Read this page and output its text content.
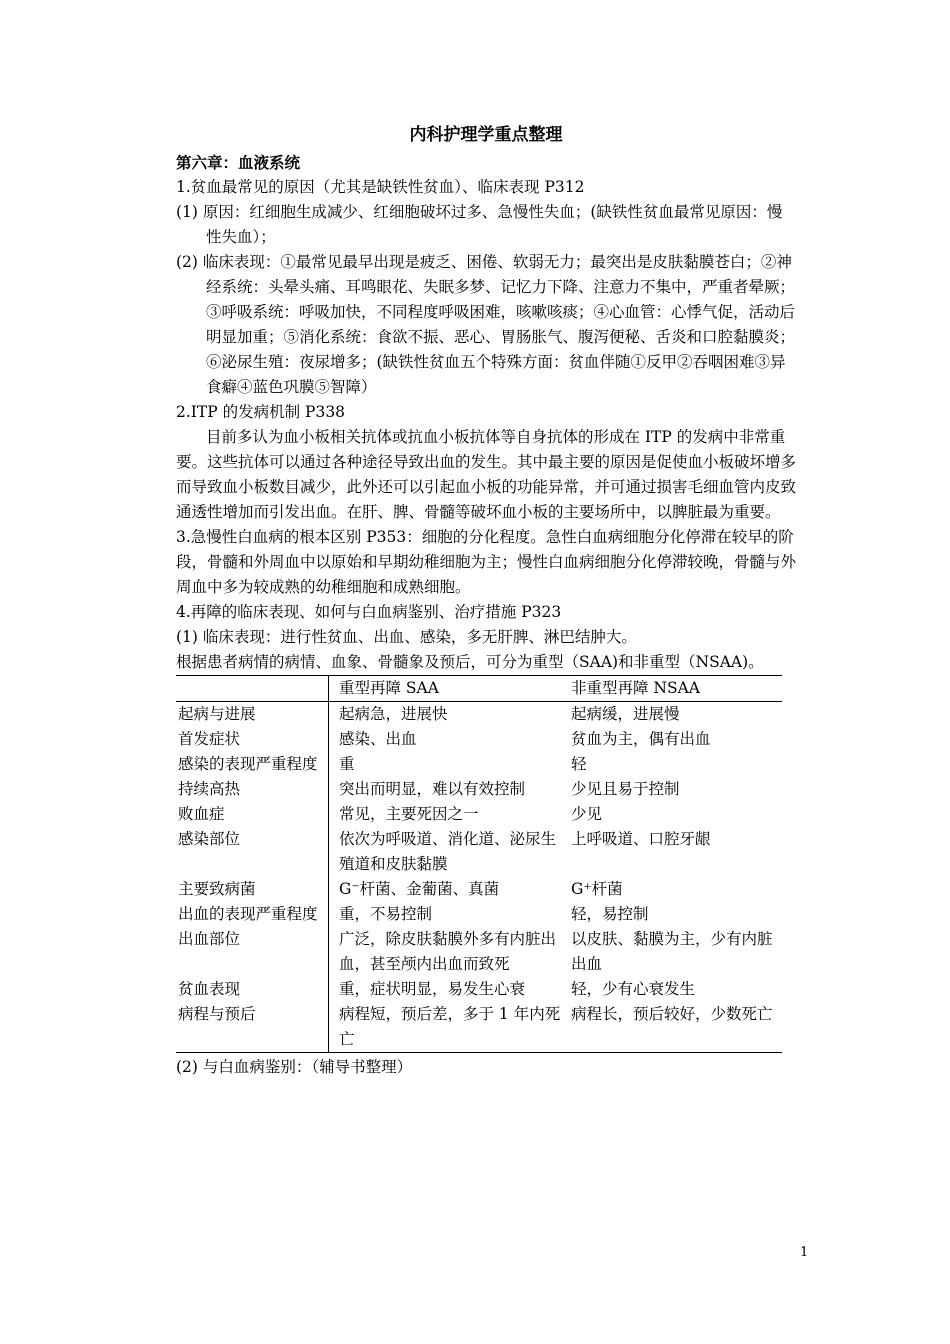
内科护理学重点整理

第六章：血液系统

1.贫血最常见的原因（尤其是缺铁性贫血）、临床表现 P312

(1) 原因：红细胞生成减少、红细胞破坏过多、急慢性失血；(缺铁性贫血最常见原因：慢性失血）；

(2) 临床表现：①最常见最早出现是疲乏、困倦、软弱无力；最突出是皮肤黏膜苍白；②神经系统：头晕头痛、耳鸣眼花、失眠多梦、记忆力下降、注意力不集中，严重者晕厥；③呼吸系统：呼吸加快，不同程度呼吸困难，咳嗽咳痰；④心血管：心悸气促，活动后明显加重；⑤消化系统：食欲不振、恶心、胃肠胀气、腹泻便秘、舌炎和口腔黏膜炎；⑥泌尿生殖：夜尿增多；(缺铁性贫血五个特殊方面：贫血伴随①反甲②吞咽困难③异食癖④蓝色巩膜⑤智障）

2.ITP 的发病机制 P338

目前多认为血小板相关抗体或抗血小板抗体等自身抗体的形成在 ITP 的发病中非常重要。这些抗体可以通过各种途径导致出血的发生。其中最主要的原因是促使血小板破坏增多而导致血小板数目减少，此外还可以引起血小板的功能异常，并可通过损害毛细血管内皮致通透性增加而引发出血。在肝、脾、骨髓等破坏血小板的主要场所中，以脾脏最为重要。

3.急慢性白血病的根本区别 P353：细胞的分化程度。急性白血病细胞分化停滞在较早的阶段，骨髓和外周血中以原始和早期幼稚细胞为主；慢性白血病细胞分化停滞较晚，骨髓与外周血中多为较成熟的幼稚细胞和成熟细胞。

4.再障的临床表现、如何与白血病鉴别、治疗措施 P323

(1) 临床表现：进行性贫血、出血、感染，多无肝脾、淋巴结肿大。

根据患者病情的病情、血象、骨髓象及预后，可分为重型（SAA)和非重型（NSAA)。

	重型再障 SAA	非重型再障 NSAA
起病与进展	起病急，进展快	起病缓，进展慢
首发症状	感染、出血	贫血为主，偶有出血
感染的表现严重程度	重	轻
持续高热	突出而明显，难以有效控制	少见且易于控制
败血症	常见，主要死因之一	少见
感染部位	依次为呼吸道、消化道、泌尿生殖道和皮肤黏膜	上呼吸道、口腔牙龈
主要致病菌	G⁻杆菌、金葡菌、真菌	G⁺杆菌
出血的表现严重程度	重，不易控制	轻，易控制
出血部位	广泛，除皮肤黏膜外多有内脏出血，甚至颅内出血而致死	以皮肤、黏膜为主，少有内脏出血
贫血表现	重，症状明显，易发生心衰	轻，少有心衰发生
病程与预后	病程短，预后差，多于 1 年内死亡	病程长，预后较好，少数死亡

(2) 与白血病鉴别：（辅导书整理）

1
